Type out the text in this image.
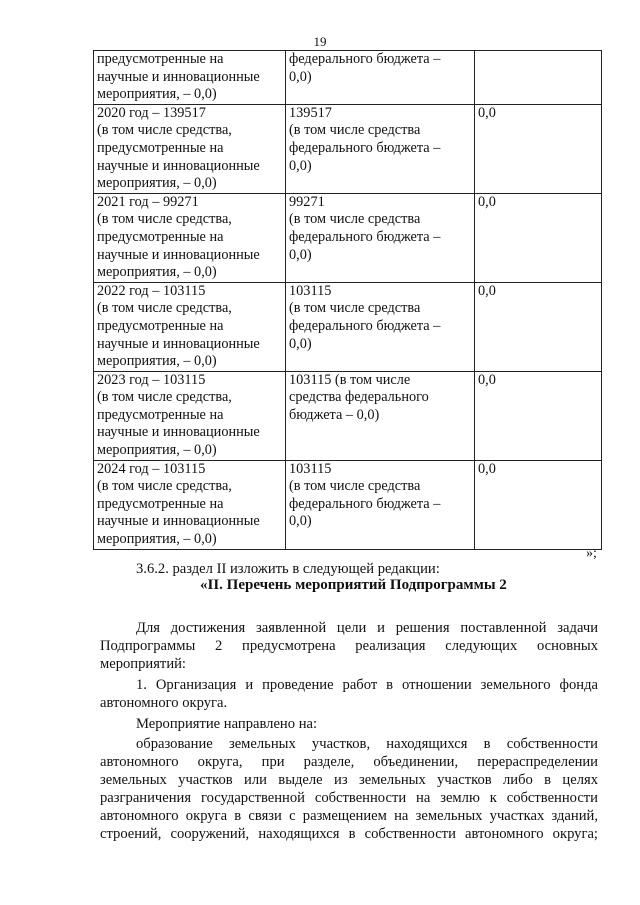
19
предусмотренные на
научные и инновационные
мероприятия, – 0,0)	федерального бюджета –
0,0)	
2020 год – 139517
(в том числе средства,
предусмотренные на
научные и инновационные
мероприятия, – 0,0)	139517
(в том числе средства
федерального бюджета –
0,0)	0,0
2021 год – 99271
(в том числе средства,
предусмотренные на
научные и инновационные
мероприятия, – 0,0)	99271
(в том числе средства
федерального бюджета –
0,0)	0,0
2022 год – 103115
(в том числе средства,
предусмотренные на
научные и инновационные
мероприятия, – 0,0)	103115
(в том числе средства
федерального бюджета –
0,0)	0,0
2023 год – 103115
(в том числе средства,
предусмотренные на
научные и инновационные
мероприятия, – 0,0)	103115 (в том числе
средства федерального
бюджета – 0,0)	0,0
2024 год – 103115
(в том числе средства,
предусмотренные на
научные и инновационные
мероприятия, – 0,0)	103115
(в том числе средства
федерального бюджета –
0,0)	0,0
»;
3.6.2. раздел II изложить в следующей редакции:
«II. Перечень мероприятий Подпрограммы 2
Для достижения заявленной цели и решения поставленной задачи
Подпрограммы 2 предусмотрена реализация следующих основных
мероприятий:
1. Организация и проведение работ в отношении земельного фонда
автономного округа.
Мероприятие направлено на:
образование земельных участков, находящихся в собственности
автономного округа, при разделе, объединении, перераспределении
земельных участков или выделе из земельных участков либо в целях
разграничения государственной собственности на землю к собственности
автономного округа в связи с размещением на земельных участках зданий,
строений, сооружений, находящихся в собственности автономного округа;
